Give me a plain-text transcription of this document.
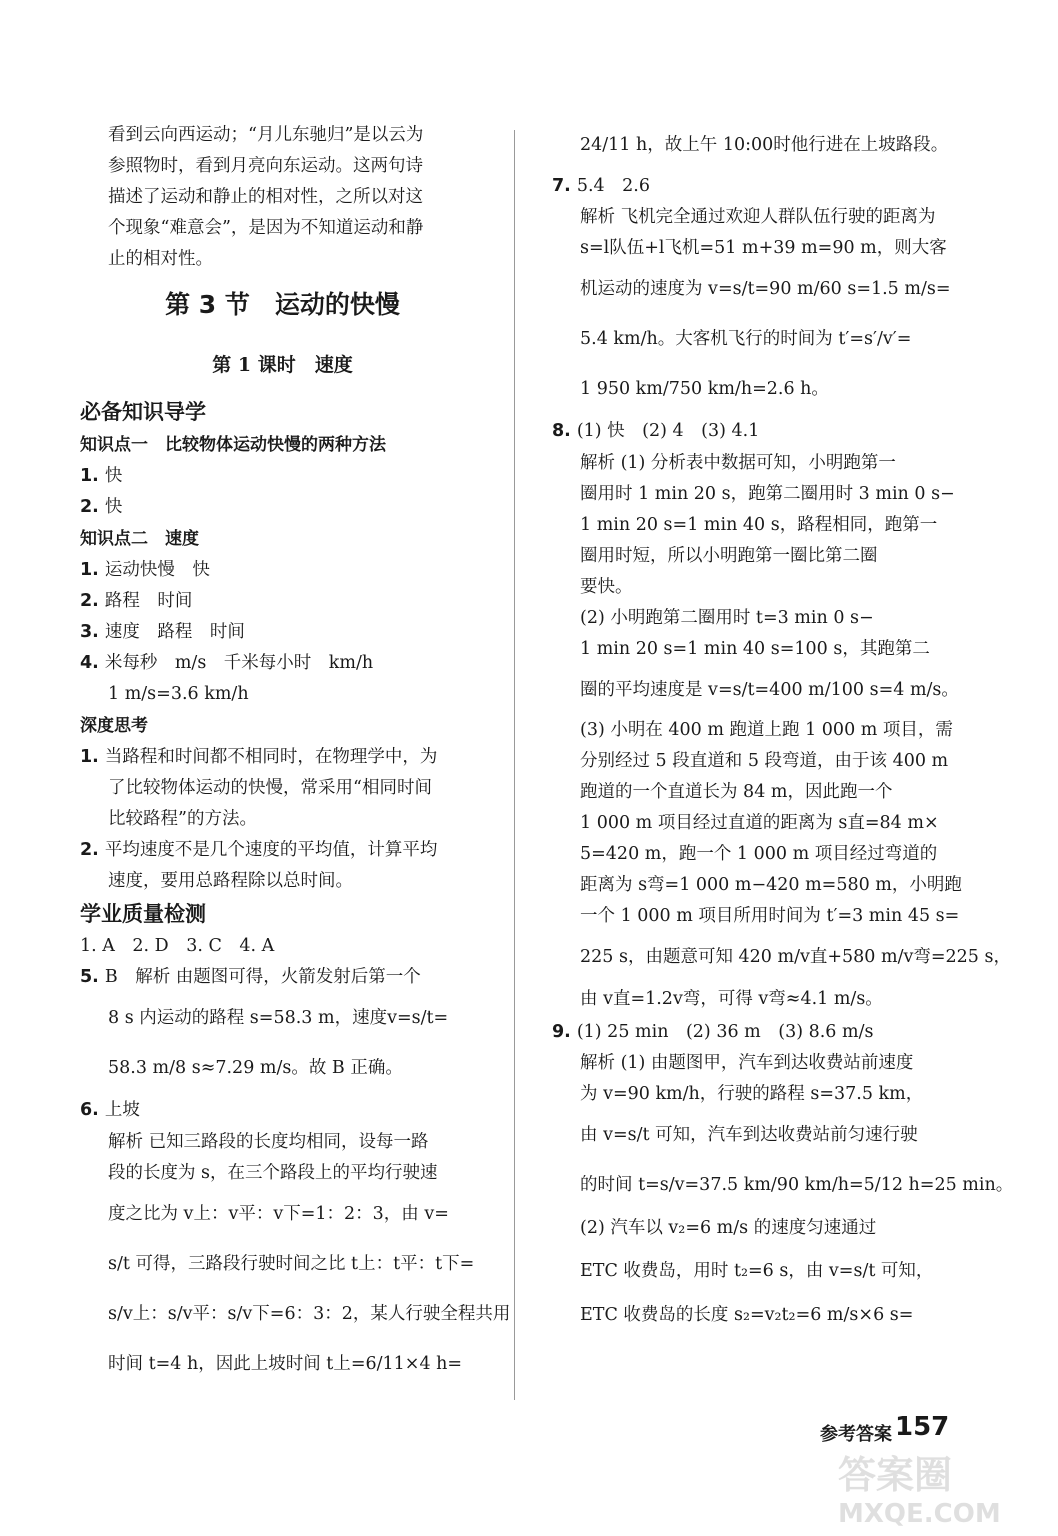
看到云向西运动；“月儿东驰归”是以云为
参照物时，看到月亮向东运动。这两句诗
描述了运动和静止的相对性，之所以对这
个现象“难意会”，是因为不知道运动和静
止的相对性。
第 3 节　运动的快慢
第 1 课时　速度
必备知识导学
知识点一　比较物体运动快慢的两种方法
1. 快
2. 快
知识点二　速度
1. 运动快慢　快
2. 路程　时间
3. 速度　路程　时间
4. 米每秒　m/s　千米每小时　km/h
1 m/s=3.6 km/h
深度思考
1. 当路程和时间都不相同时，在物理学中，为
了比较物体运动的快慢，常采用“相同时间
比较路程”的方法。
2. 平均速度不是几个速度的平均值，计算平均
速度，要用总路程除以总时间。
学业质量检测
1. A　2. D　3. C　4. A
5. B　解析 由题图可得，火箭发射后第一个
8 s 内运动的路程 s=58.3 m，速度v=s/t=
58.3 m/8 s≈7.29 m/s。故 B 正确。
6. 上坡
解析 已知三路段的长度均相同，设每一路
段的长度为 s，在三个路段上的平均行驶速
度之比为 v上：v平：v下=1：2：3，由 v=
s/t 可得，三路段行驶时间之比 t上：t平：t下=
s/v上：s/v平：s/v下=6：3：2，某人行驶全程共用
时间 t=4 h，因此上坡时间 t上=6/11×4 h=
24/11 h，故上午 10:00时他行进在上坡路段。
7. 5.4　2.6
解析 飞机完全通过欢迎人群队伍行驶的距离为
s=l队伍+l飞机=51 m+39 m=90 m，则大客
机运动的速度为 v=s/t=90 m/60 s=1.5 m/s=
5.4 km/h。大客机飞行的时间为 t′=s′/v′=
1 950 km/750 km/h=2.6 h。
8. (1) 快　(2) 4　(3) 4.1
解析 (1) 分析表中数据可知，小明跑第一
圈用时 1 min 20 s，跑第二圈用时 3 min 0 s−
1 min 20 s=1 min 40 s，路程相同，跑第一
圈用时短，所以小明跑第一圈比第二圈
要快。
(2) 小明跑第二圈用时 t=3 min 0 s−
1 min 20 s=1 min 40 s=100 s，其跑第二
圈的平均速度是 v=s/t=400 m/100 s=4 m/s。
(3) 小明在 400 m 跑道上跑 1 000 m 项目，需
分别经过 5 段直道和 5 段弯道，由于该 400 m
跑道的一个直道长为 84 m，因此跑一个
1 000 m 项目经过直道的距离为 s直=84 m×
5=420 m，跑一个 1 000 m 项目经过弯道的
距离为 s弯=1 000 m−420 m=580 m，小明跑
一个 1 000 m 项目所用时间为 t′=3 min 45 s=
225 s，由题意可知 420 m/v直+580 m/v弯=225 s，
由 v直=1.2v弯，可得 v弯≈4.1 m/s。
9. (1) 25 min　(2) 36 m　(3) 8.6 m/s
解析 (1) 由题图甲，汽车到达收费站前速度
为 v=90 km/h，行驶的路程 s=37.5 km，
由 v=s/t 可知，汽车到达收费站前匀速行驶
的时间 t=s/v=37.5 km/90 km/h=5/12 h=25 min。
(2) 汽车以 v₂=6 m/s 的速度匀速通过
ETC 收费岛，用时 t₂=6 s，由 v=s/t 可知，
ETC 收费岛的长度 s₂=v₂t₂=6 m/s×6 s=
参考答案 157
答案圈
MXQE.COM
